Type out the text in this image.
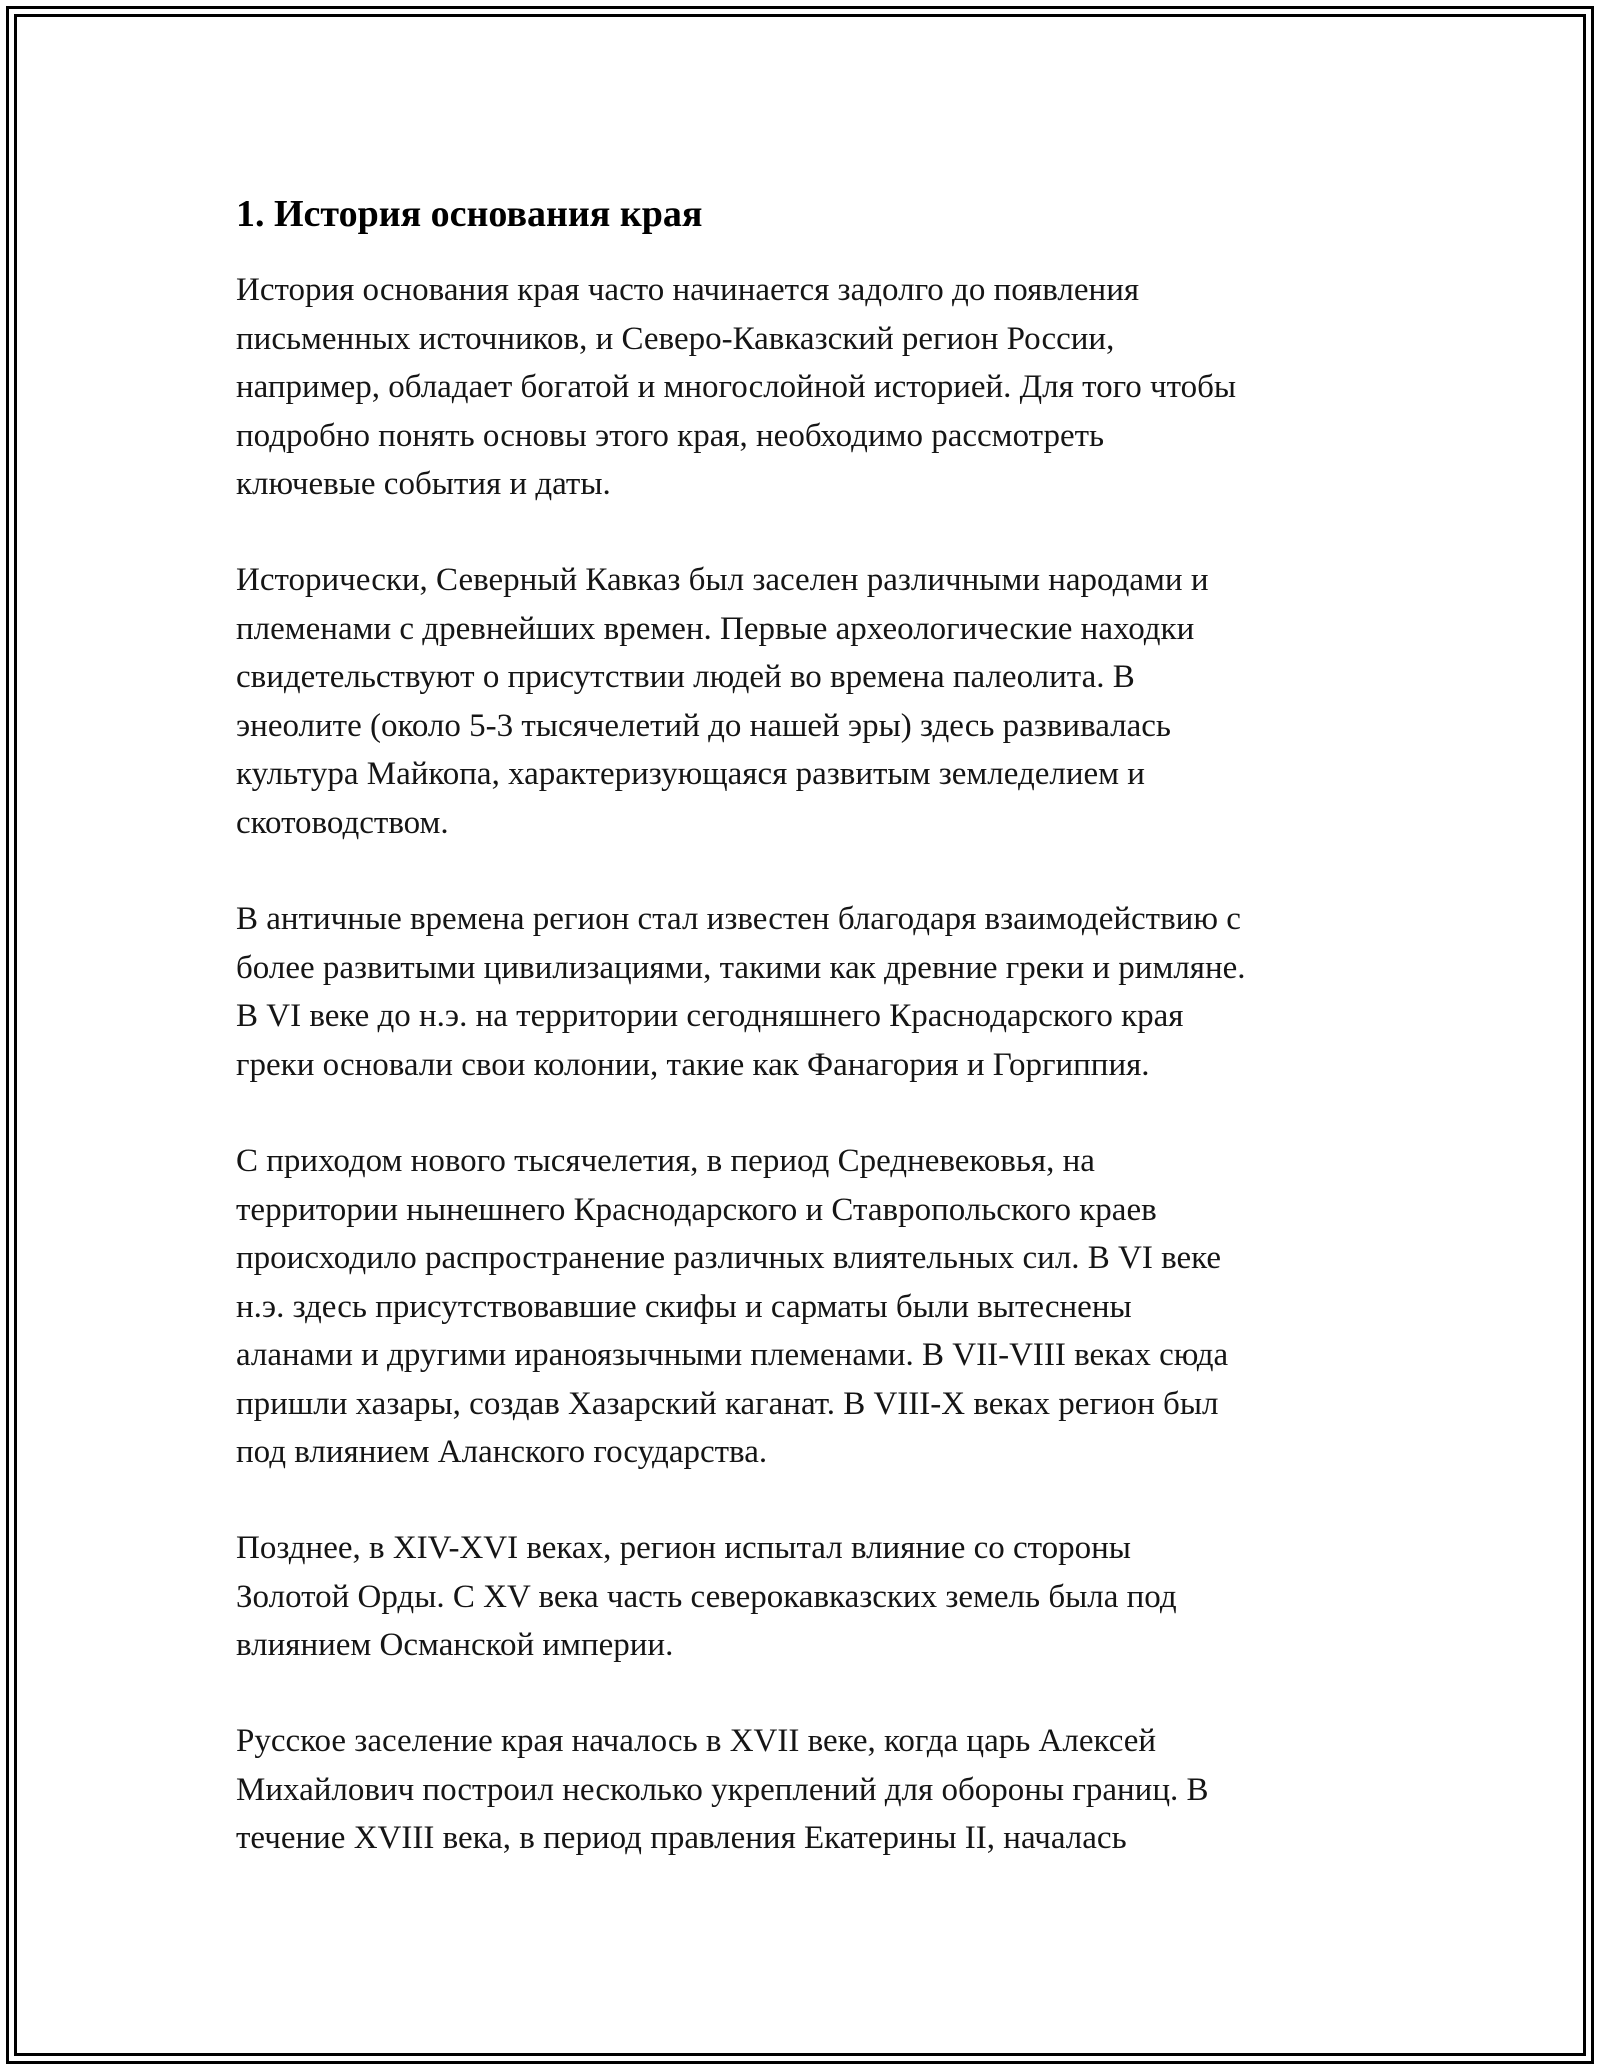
1. История основания края

История основания края часто начинается задолго до появления
письменных источников, и Северо-Кавказский регион России,
например, обладает богатой и многослойной историей. Для того чтобы
подробно понять основы этого края, необходимо рассмотреть
ключевые события и даты.

Исторически, Северный Кавказ был заселен различными народами и
племенами с древнейших времен. Первые археологические находки
свидетельствуют о присутствии людей во времена палеолита. В
энеолите (около 5-3 тысячелетий до нашей эры) здесь развивалась
культура Майкопа, характеризующаяся развитым земледелием и
скотоводством.

В античные времена регион стал известен благодаря взаимодействию с
более развитыми цивилизациями, такими как древние греки и римляне.
В VI веке до н.э. на территории сегодняшнего Краснодарского края
греки основали свои колонии, такие как Фанагория и Горгиппия.

С приходом нового тысячелетия, в период Средневековья, на
территории нынешнего Краснодарского и Ставропольского краев
происходило распространение различных влиятельных сил. В VI веке
н.э. здесь присутствовавшие скифы и сарматы были вытеснены
аланами и другими ираноязычными племенами. В VII-VIII веках сюда
пришли хазары, создав Хазарский каганат. В VIII-X веках регион был
под влиянием Аланского государства.

Позднее, в XIV-XVI веках, регион испытал влияние со стороны
Золотой Орды. С XV века часть северокавказских земель была под
влиянием Османской империи.

Русское заселение края началось в XVII веке, когда царь Алексей
Михайлович построил несколько укреплений для обороны границ. В
течение XVIII века, в период правления Екатерины II, началась
